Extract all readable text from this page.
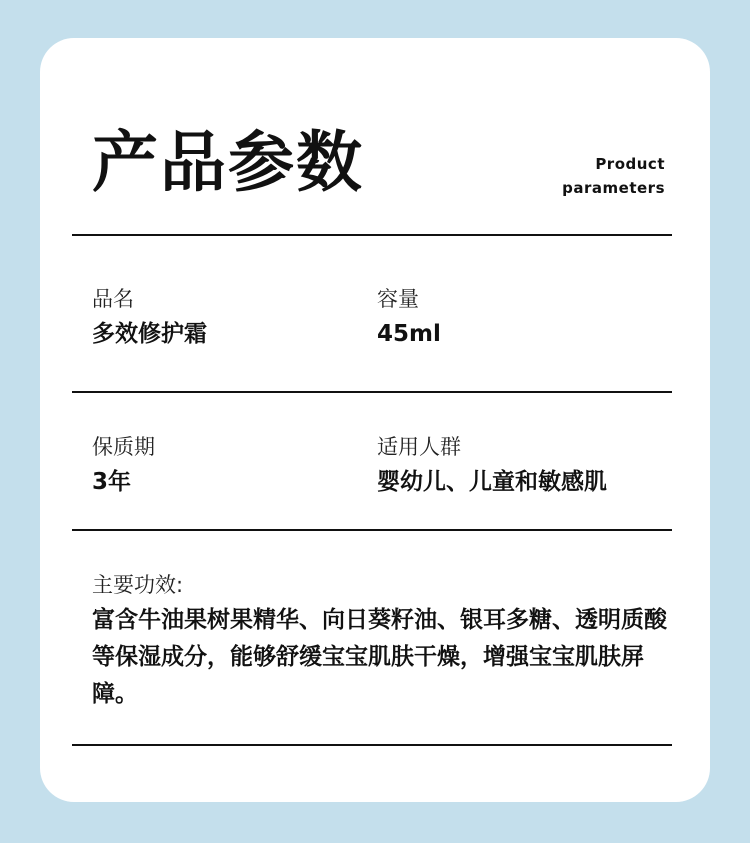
产品参数	Product
parameters
品名
多效修护霜
容量
45ml
保质期
3年
适用人群
婴幼儿、儿童和敏感肌
主要功效:
富含牛油果树果精华、向日葵籽油、银耳多糖、透明质酸等保湿成分，能够舒缓宝宝肌肤干燥，增强宝宝肌肤屏障。
